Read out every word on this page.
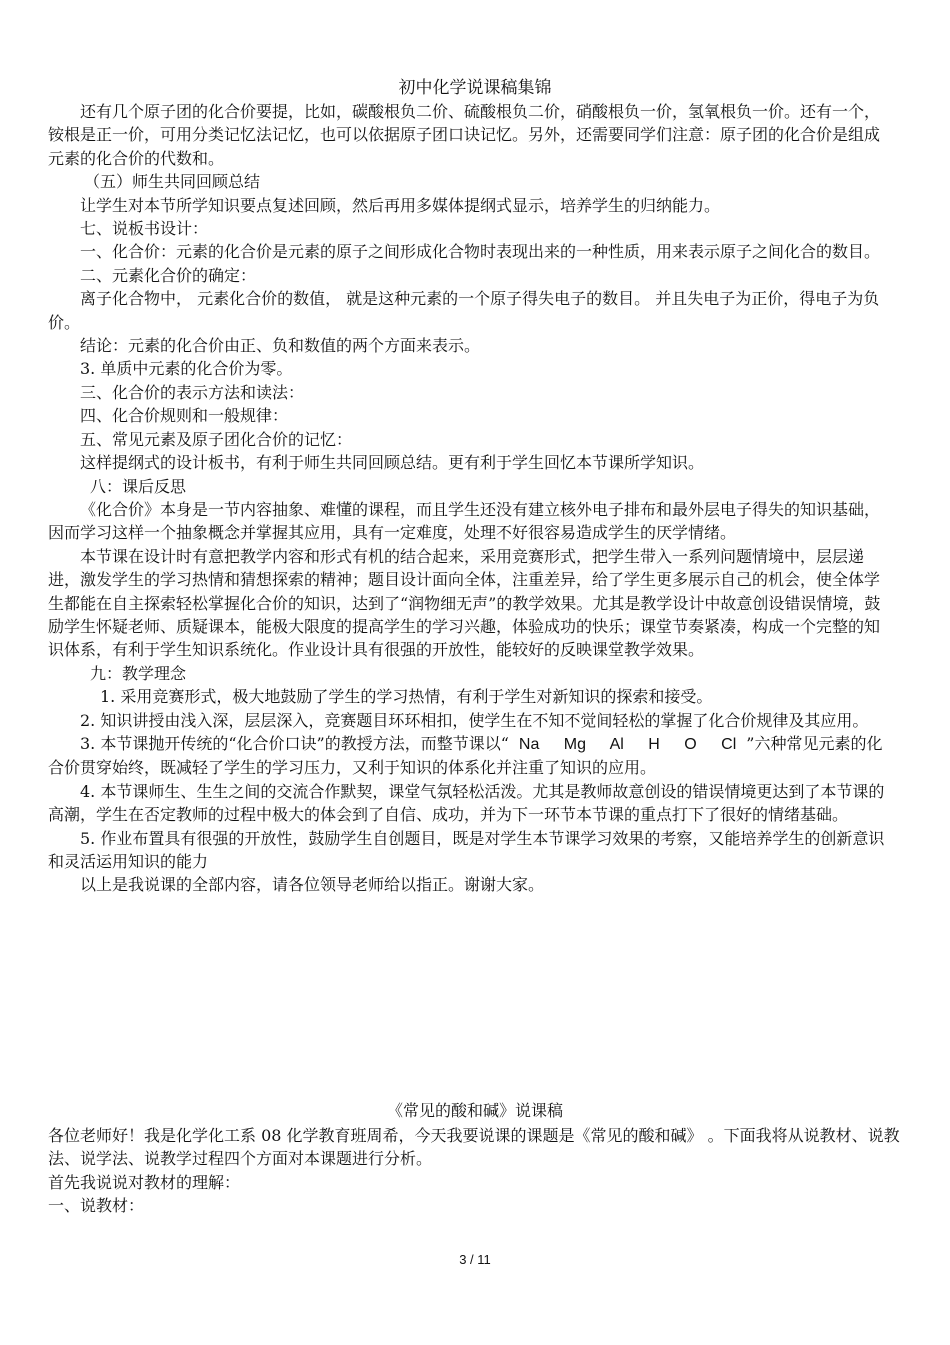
初中化学说课稿集锦

还有几个原子团的化合价要提，比如，碳酸根负二价、硫酸根负二价，硝酸根负一价，氢氧根负一价。还有一个，铵根是正一价，可用分类记忆法记忆，也可以依据原子团口诀记忆。另外，还需要同学们注意：原子团的化合价是组成元素的化合价的代数和。

（五）师生共同回顾总结

让学生对本节所学知识要点复述回顾，然后再用多媒体提纲式显示，培养学生的归纳能力。

七、说板书设计：

一、化合价：元素的化合价是元素的原子之间形成化合物时表现出来的一种性质，用来表示原子之间化合的数目。

二、元素化合价的确定：

离子化合物中， 元素化合价的数值， 就是这种元素的一个原子得失电子的数目。 并且失电子为正价，得电子为负价。

结论：元素的化合价由正、负和数值的两个方面来表示。

3. 单质中元素的化合价为零。

三、化合价的表示方法和读法：

四、化合价规则和一般规律：

五、常见元素及原子团化合价的记忆：

这样提纲式的设计板书，有利于师生共同回顾总结。更有利于学生回忆本节课所学知识。

八：课后反思

《化合价》本身是一节内容抽象、难懂的课程，而且学生还没有建立核外电子排布和最外层电子得失的知识基础，因而学习这样一个抽象概念并掌握其应用，具有一定难度，处理不好很容易造成学生的厌学情绪。

本节课在设计时有意把教学内容和形式有机的结合起来，采用竞赛形式，把学生带入一系列问题情境中，层层递进，激发学生的学习热情和猜想探索的精神；题目设计面向全体，注重差异，给了学生更多展示自己的机会，使全体学生都能在自主探索轻松掌握化合价的知识，达到了“润物细无声”的教学效果。尤其是教学设计中故意创设错误情境，鼓励学生怀疑老师、质疑课本，能极大限度的提高学生的学习兴趣，体验成功的快乐；课堂节奏紧凑，构成一个完整的知识体系，有利于学生知识系统化。作业设计具有很强的开放性，能较好的反映课堂教学效果。

九：教学理念

1. 采用竞赛形式，极大地鼓励了学生的学习热情，有利于学生对新知识的探索和接受。

2. 知识讲授由浅入深，层层深入，竞赛题目环环相扣，使学生在不知不觉间轻松的掌握了化合价规律及其应用。

3. 本节课抛开传统的“化合价口诀”的教授方法，而整节课以“ Na Mg Al H O Cl ”六种常见元素的化合价贯穿始终，既减轻了学生的学习压力，又利于知识的体系化并注重了知识的应用。

4. 本节课师生、生生之间的交流合作默契，课堂气氛轻松活泼。尤其是教师故意创设的错误情境更达到了本节课的高潮，学生在否定教师的过程中极大的体会到了自信、成功，并为下一环节本节课的重点打下了很好的情绪基础。

5. 作业布置具有很强的开放性，鼓励学生自创题目，既是对学生本节课学习效果的考察，又能培养学生的创新意识和灵活运用知识的能力

以上是我说课的全部内容，请各位领导老师给以指正。谢谢大家。

《常见的酸和碱》说课稿

各位老师好！我是化学化工系 08 化学教育班周希，今天我要说课的课题是《常见的酸和碱》 。下面我将从说教材、说教法、说学法、说教学过程四个方面对本课题进行分析。

首先我说说对教材的理解：

一、说教材：

3 / 11
